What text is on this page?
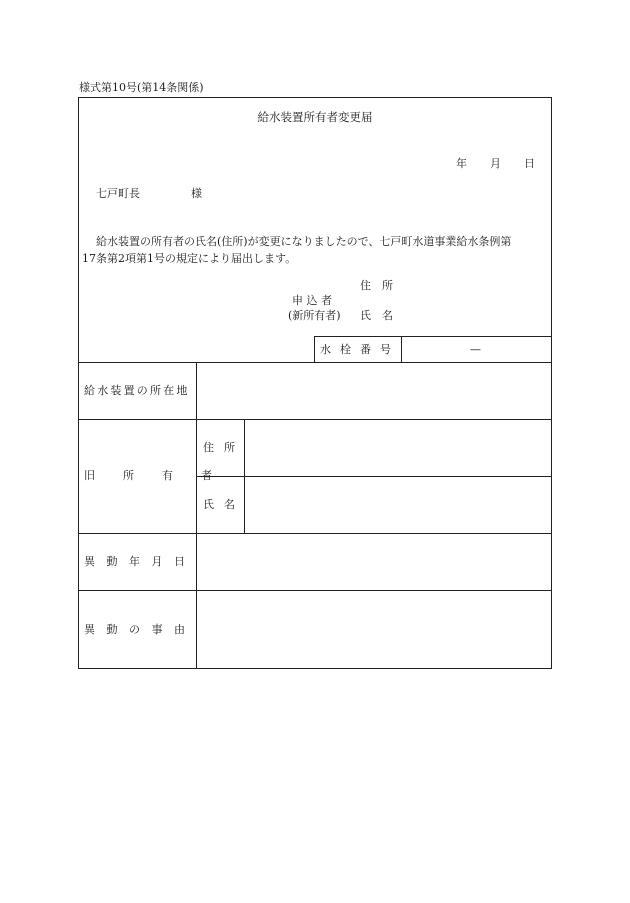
様式第10号(第14条関係)
給水装置所有者変更届
年 月 日
七戸町長	様
給水装置の所有者の氏名(住所)が変更になりましたので、七戸町水道事業給水条例第
17条第2項第1号の規定により届出します。
住　所
申 込 者
(新所有者) 氏　名
水栓番号	—
給水装置の所在地
旧所有者
住所
氏名
異動年月日
異動の事由
